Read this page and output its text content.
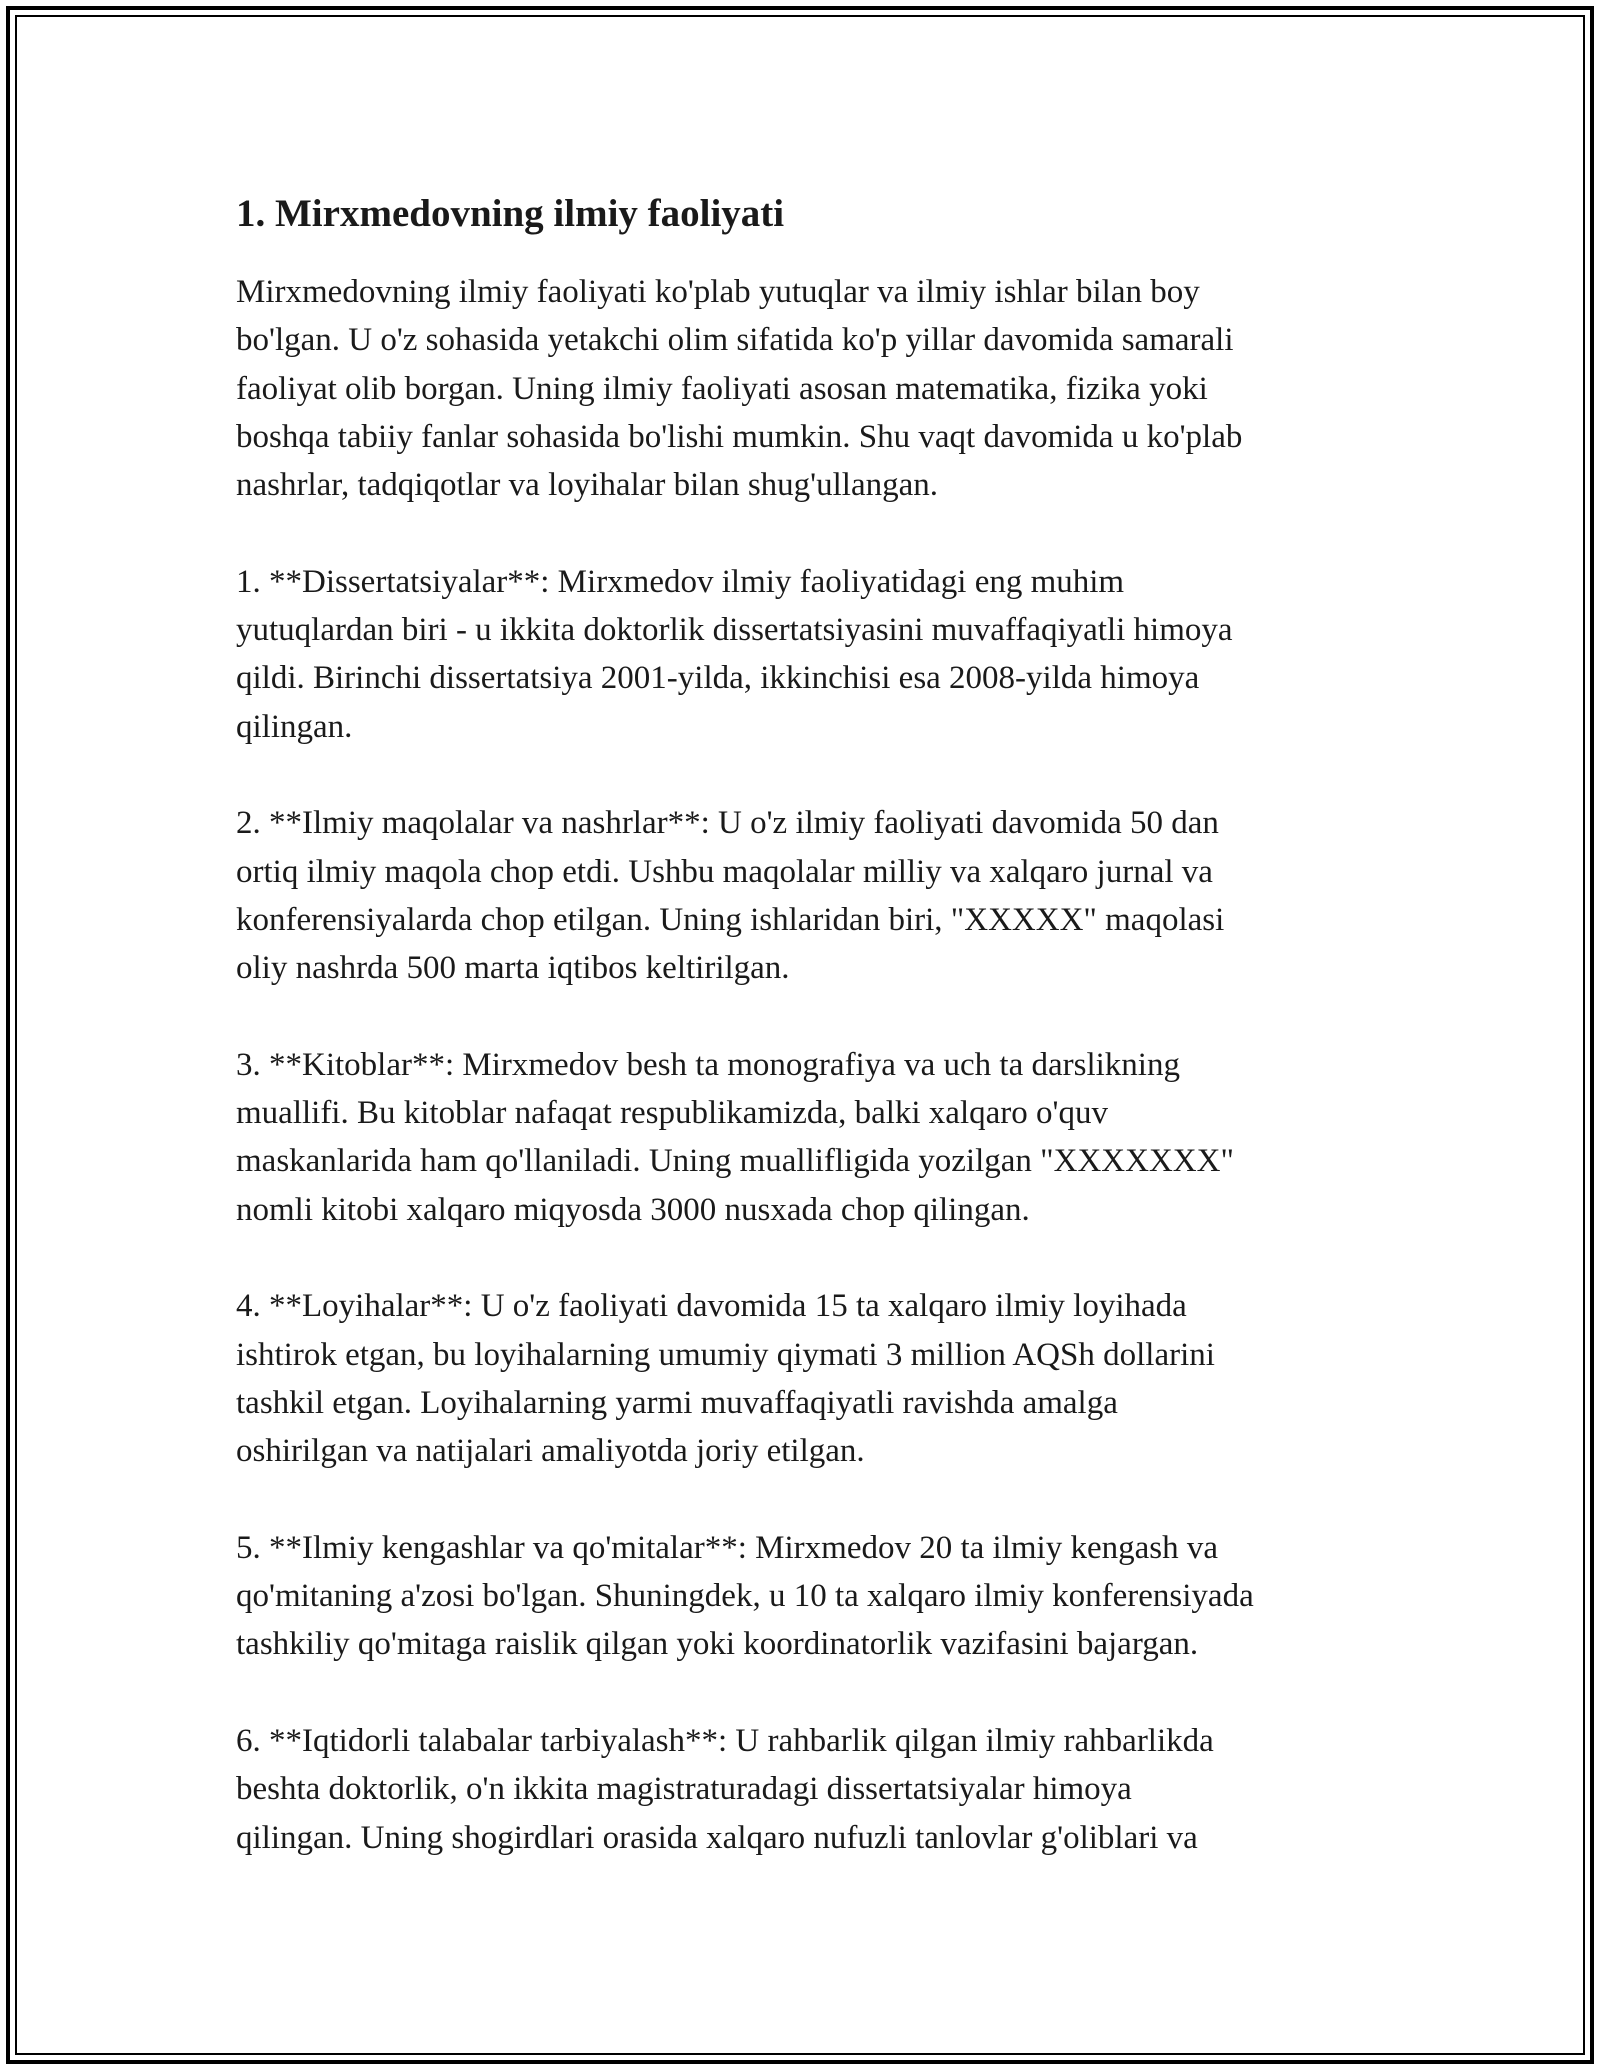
1. Mirxmedovning ilmiy faoliyati

Mirxmedovning ilmiy faoliyati ko'plab yutuqlar va ilmiy ishlar bilan boy
bo'lgan. U o'z sohasida yetakchi olim sifatida ko'p yillar davomida samarali
faoliyat olib borgan. Uning ilmiy faoliyati asosan matematika, fizika yoki
boshqa tabiiy fanlar sohasida bo'lishi mumkin. Shu vaqt davomida u ko'plab
nashrlar, tadqiqotlar va loyihalar bilan shug'ullangan.

1. **Dissertatsiyalar**: Mirxmedov ilmiy faoliyatidagi eng muhim
yutuqlardan biri - u ikkita doktorlik dissertatsiyasini muvaffaqiyatli himoya
qildi. Birinchi dissertatsiya 2001-yilda, ikkinchisi esa 2008-yilda himoya
qilingan.

2. **Ilmiy maqolalar va nashrlar**: U o'z ilmiy faoliyati davomida 50 dan
ortiq ilmiy maqola chop etdi. Ushbu maqolalar milliy va xalqaro jurnal va
konferensiyalarda chop etilgan. Uning ishlaridan biri, "XXXXX" maqolasi
oliy nashrda 500 marta iqtibos keltirilgan.

3. **Kitoblar**: Mirxmedov besh ta monografiya va uch ta darslikning
muallifi. Bu kitoblar nafaqat respublikamizda, balki xalqaro o'quv
maskanlarida ham qo'llaniladi. Uning muallifligida yozilgan "XXXXXXX"
nomli kitobi xalqaro miqyosda 3000 nusxada chop qilingan.

4. **Loyihalar**: U o'z faoliyati davomida 15 ta xalqaro ilmiy loyihada
ishtirok etgan, bu loyihalarning umumiy qiymati 3 million AQSh dollarini
tashkil etgan. Loyihalarning yarmi muvaffaqiyatli ravishda amalga
oshirilgan va natijalari amaliyotda joriy etilgan.

5. **Ilmiy kengashlar va qo'mitalar**: Mirxmedov 20 ta ilmiy kengash va
qo'mitaning a'zosi bo'lgan. Shuningdek, u 10 ta xalqaro ilmiy konferensiyada
tashkiliy qo'mitaga raislik qilgan yoki koordinatorlik vazifasini bajargan.

6. **Iqtidorli talabalar tarbiyalash**: U rahbarlik qilgan ilmiy rahbarlikda
beshta doktorlik, o'n ikkita magistraturadagi dissertatsiyalar himoya
qilingan. Uning shogirdlari orasida xalqaro nufuzli tanlovlar g'oliblari va
